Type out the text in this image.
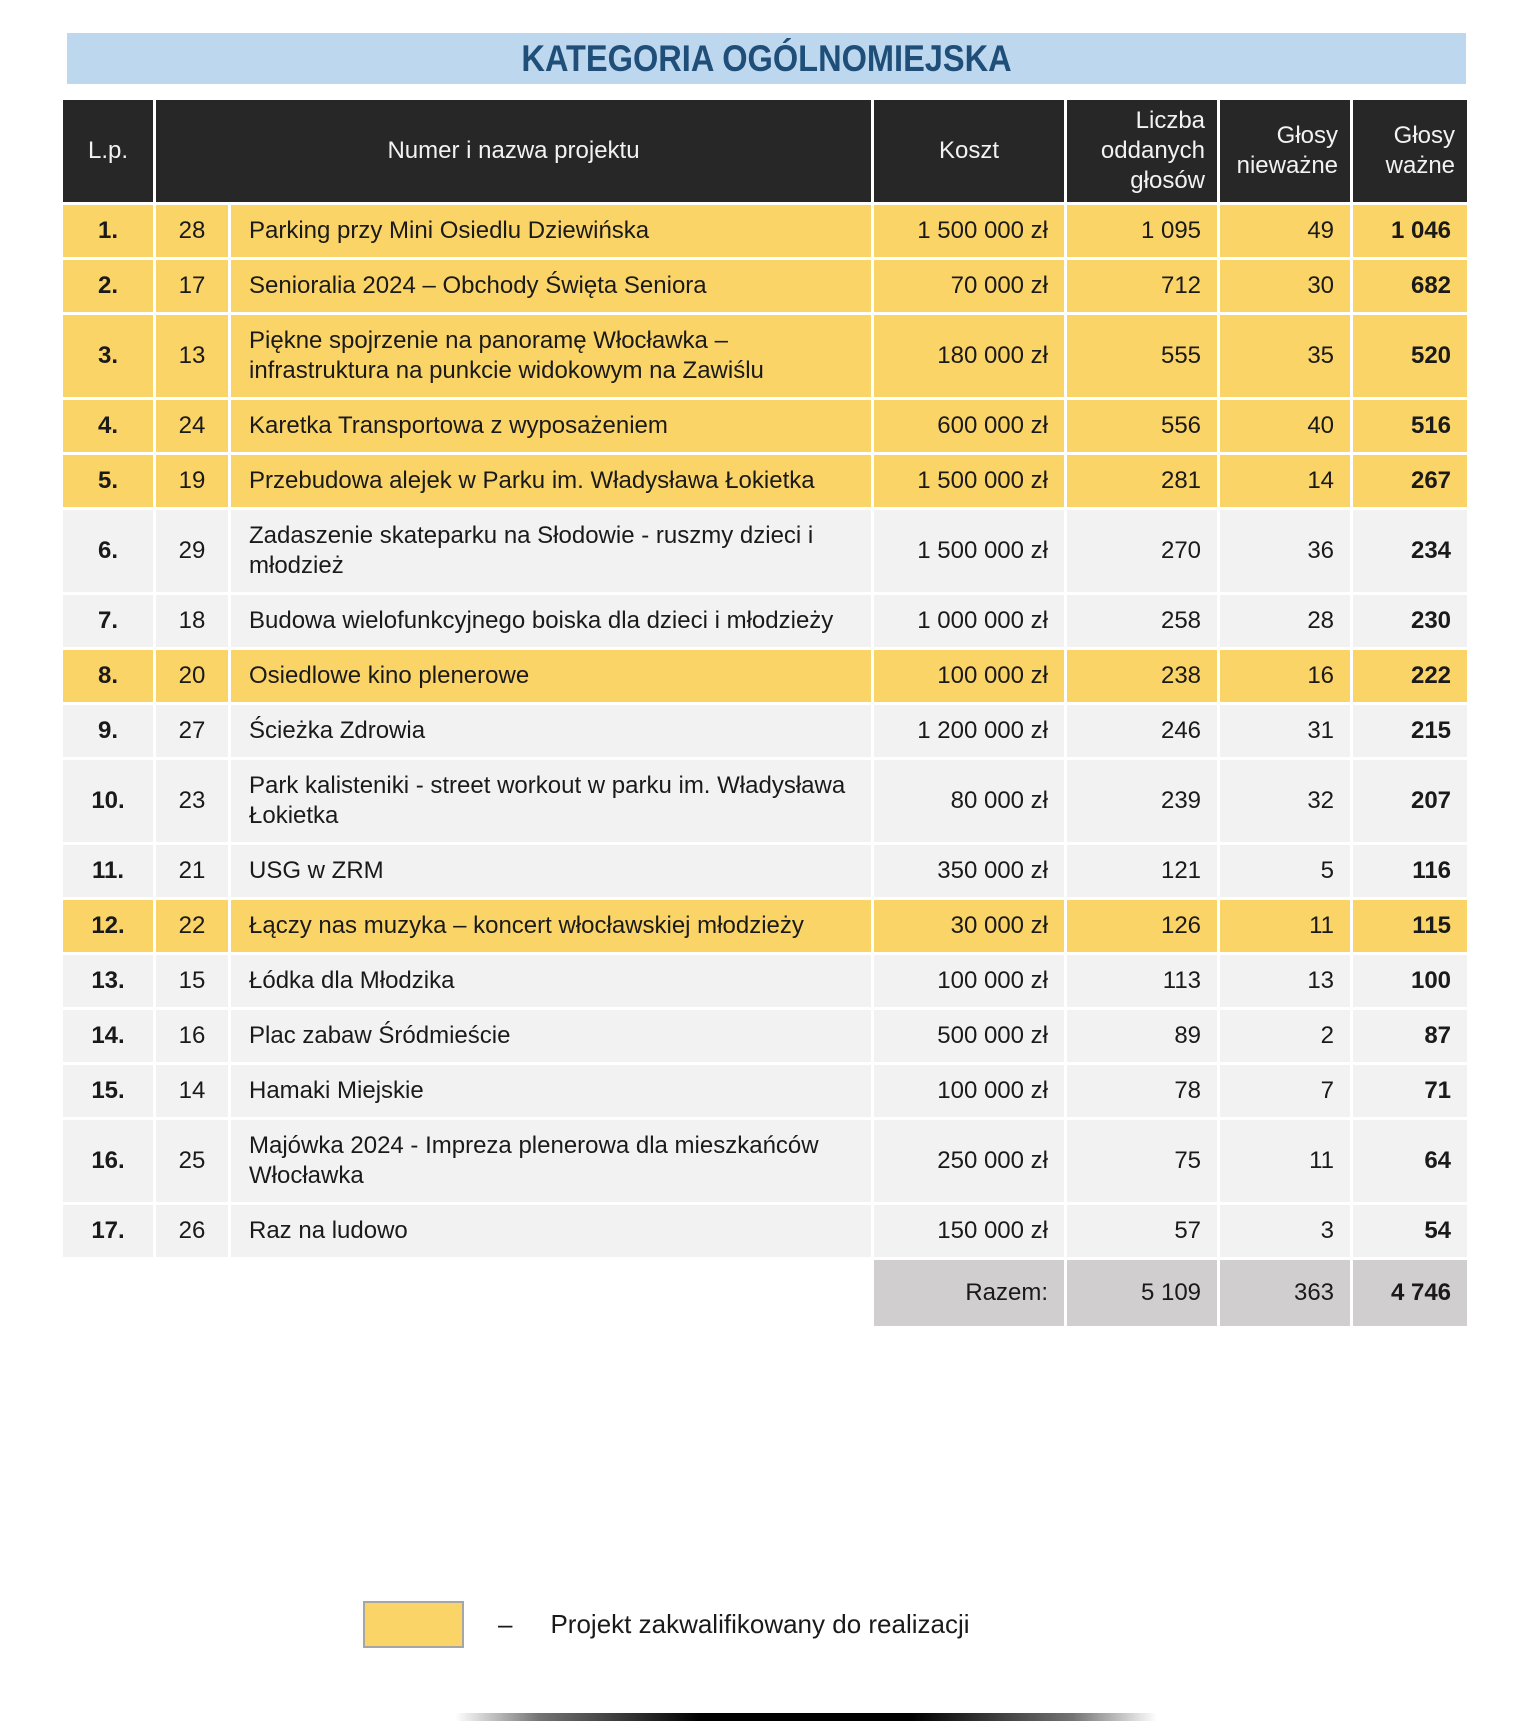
KATEGORIA OGÓLNOMIEJSKA
L.p.	Numer i nazwa projektu		Koszt	Liczba oddanych głosów	Głosy nieważne	Głosy ważne
1.	28	Parking przy Mini Osiedlu Dziewińska	1 500 000 zł	1 095	49	1 046
2.	17	Senioralia 2024 – Obchody Święta Seniora	70 000 zł	712	30	682
3.	13	Piękne spojrzenie na panoramę Włocławka – infrastruktura na punkcie widokowym na Zawiślu	180 000 zł	555	35	520
4.	24	Karetka Transportowa z wyposażeniem	600 000 zł	556	40	516
5.	19	Przebudowa alejek w Parku im. Władysława Łokietka	1 500 000 zł	281	14	267
6.	29	Zadaszenie skateparku na Słodowie - ruszmy dzieci i młodzież	1 500 000 zł	270	36	234
7.	18	Budowa wielofunkcyjnego boiska dla dzieci i młodzieży	1 000 000 zł	258	28	230
8.	20	Osiedlowe kino plenerowe	100 000 zł	238	16	222
9.	27	Ścieżka Zdrowia	1 200 000 zł	246	31	215
10.	23	Park kalisteniki - street workout w parku im. Władysława Łokietka	80 000 zł	239	32	207
11.	21	USG w ZRM	350 000 zł	121	5	116
12.	22	Łączy nas muzyka – koncert włocławskiej młodzieży	30 000 zł	126	11	115
13.	15	Łódka dla Młodzika	100 000 zł	113	13	100
14.	16	Plac zabaw Śródmieście	500 000 zł	89	2	87
15.	14	Hamaki Miejskie	100 000 zł	78	7	71
16.	25	Majówka 2024 - Impreza plenerowa dla mieszkańców Włocławka	250 000 zł	75	11	64
17.	26	Raz na ludowo	150 000 zł	57	3	54
			Razem:	5 109	363	4 746
– Projekt zakwalifikowany do realizacji
